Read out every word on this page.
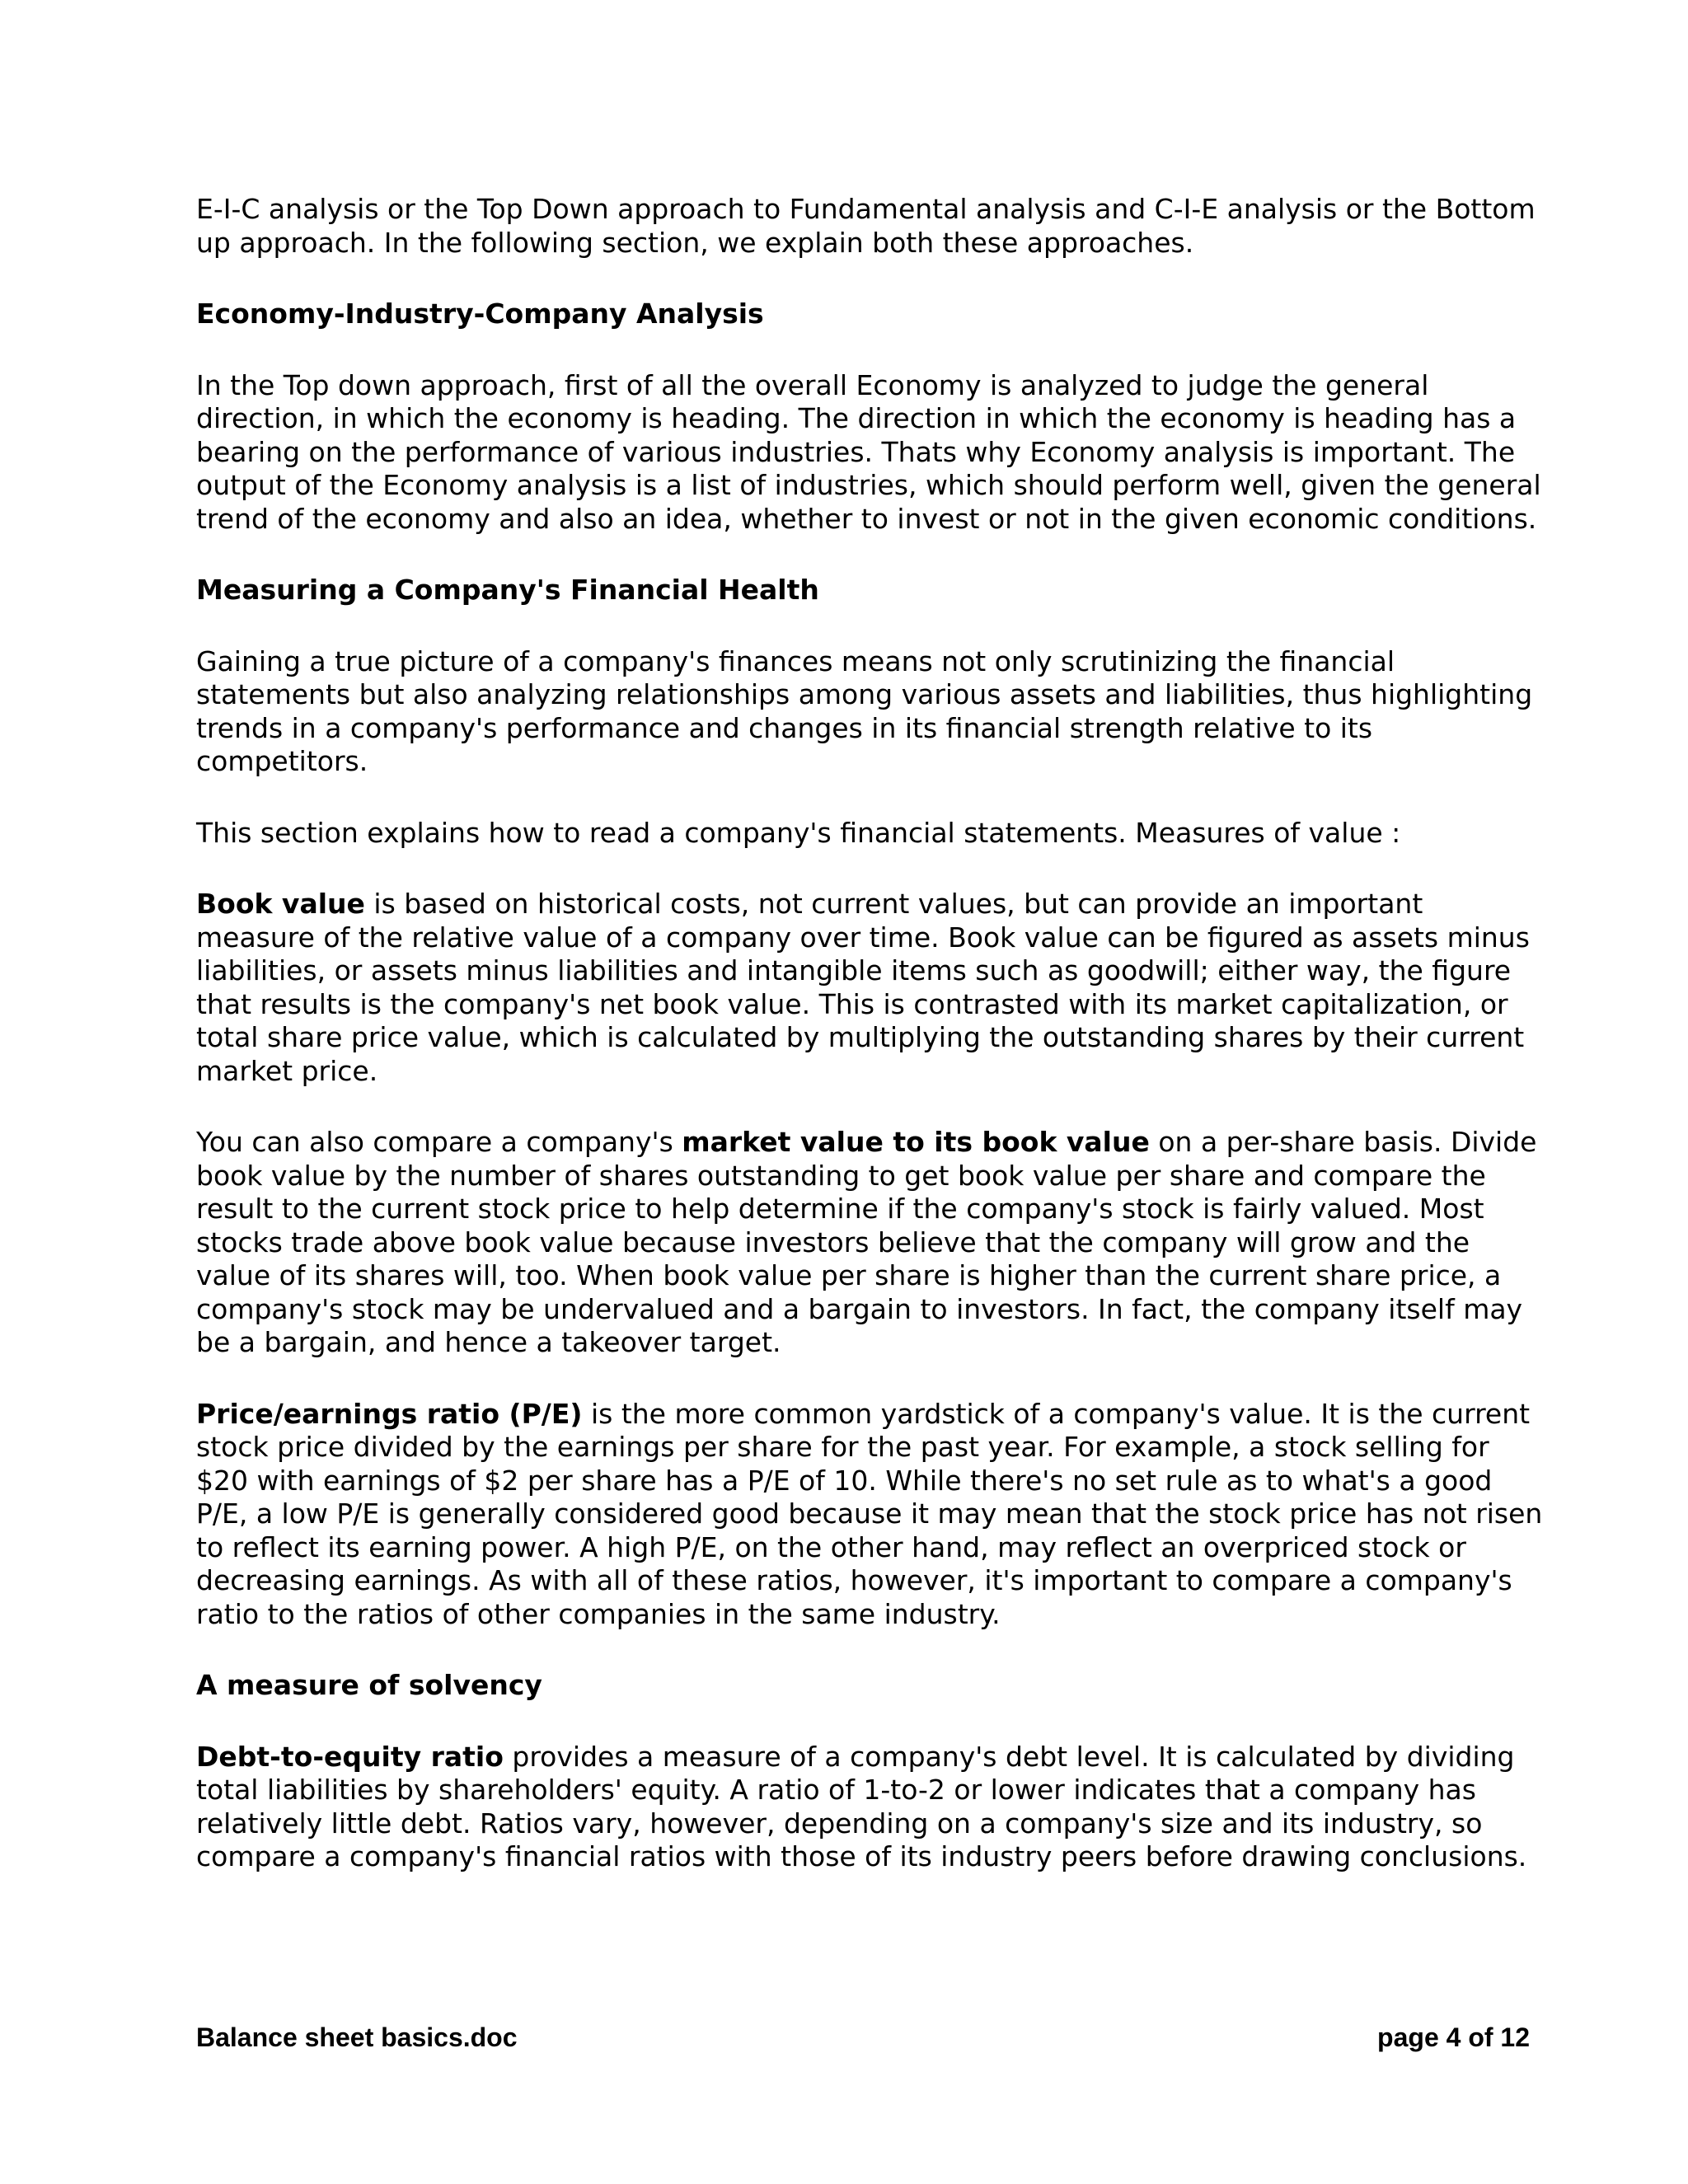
E-I-C analysis or the Top Down approach to Fundamental analysis and C-I-E analysis or the Bottom up approach. In the following section, we explain both these approaches.

Economy-Industry-Company Analysis

In the Top down approach, first of all the overall Economy is analyzed to judge the general direction, in which the economy is heading. The direction in which the economy is heading has a bearing on the performance of various industries. Thats why Economy analysis is important. The output of the Economy analysis is a list of industries, which should perform well, given the general trend of the economy and also an idea, whether to invest or not in the given economic conditions.

Measuring a Company's Financial Health

Gaining a true picture of a company's finances means not only scrutinizing the financial statements but also analyzing relationships among various assets and liabilities, thus highlighting trends in a company's performance and changes in its financial strength relative to its competitors.

This section explains how to read a company's financial statements. Measures of value :

Book value is based on historical costs, not current values, but can provide an important measure of the relative value of a company over time. Book value can be figured as assets minus liabilities, or assets minus liabilities and intangible items such as goodwill; either way, the figure that results is the company's net book value. This is contrasted with its market capitalization, or total share price value, which is calculated by multiplying the outstanding shares by their current market price.

You can also compare a company's market value to its book value on a per-share basis. Divide book value by the number of shares outstanding to get book value per share and compare the result to the current stock price to help determine if the company's stock is fairly valued. Most stocks trade above book value because investors believe that the company will grow and the value of its shares will, too. When book value per share is higher than the current share price, a company's stock may be undervalued and a bargain to investors. In fact, the company itself may be a bargain, and hence a takeover target.

Price/earnings ratio (P/E) is the more common yardstick of a company's value. It is the current stock price divided by the earnings per share for the past year. For example, a stock selling for $20 with earnings of $2 per share has a P/E of 10. While there's no set rule as to what's a good P/E, a low P/E is generally considered good because it may mean that the stock price has not risen to reflect its earning power. A high P/E, on the other hand, may reflect an overpriced stock or decreasing earnings. As with all of these ratios, however, it's important to compare a company's ratio to the ratios of other companies in the same industry.

A measure of solvency

Debt-to-equity ratio provides a measure of a company's debt level. It is calculated by dividing total liabilities by shareholders' equity. A ratio of 1-to-2 or lower indicates that a company has relatively little debt. Ratios vary, however, depending on a company's size and its industry, so compare a company's financial ratios with those of its industry peers before drawing conclusions.

Balance sheet basics.doc	page 4 of 12
